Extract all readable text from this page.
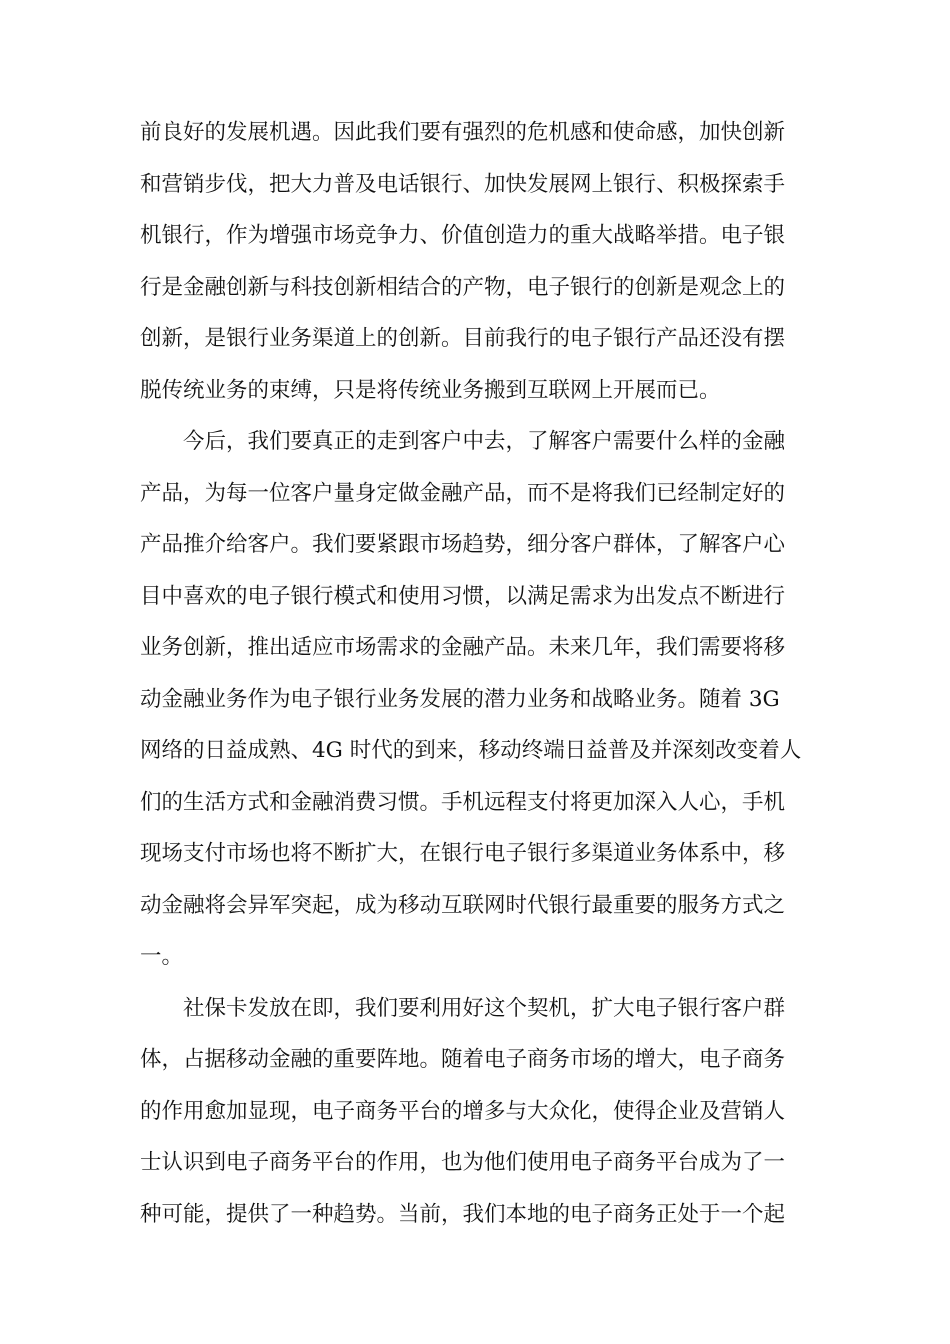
前良好的发展机遇。因此我们要有强烈的危机感和使命感，加快创新
和营销步伐，把大力普及电话银行、加快发展网上银行、积极探索手
机银行，作为增强市场竞争力、价值创造力的重大战略举措。电子银
行是金融创新与科技创新相结合的产物，电子银行的创新是观念上的
创新，是银行业务渠道上的创新。目前我行的电子银行产品还没有摆
脱传统业务的束缚，只是将传统业务搬到互联网上开展而已。
今后，我们要真正的走到客户中去，了解客户需要什么样的金融
产品，为每一位客户量身定做金融产品，而不是将我们已经制定好的
产品推介给客户。我们要紧跟市场趋势，细分客户群体，了解客户心
目中喜欢的电子银行模式和使用习惯，以满足需求为出发点不断进行
业务创新，推出适应市场需求的金融产品。未来几年，我们需要将移
动金融业务作为电子银行业务发展的潜力业务和战略业务。随着 3G
网络的日益成熟、4G 时代的到来，移动终端日益普及并深刻改变着人
们的生活方式和金融消费习惯。手机远程支付将更加深入人心，手机
现场支付市场也将不断扩大，在银行电子银行多渠道业务体系中，移
动金融将会异军突起，成为移动互联网时代银行最重要的服务方式之
一。
社保卡发放在即，我们要利用好这个契机，扩大电子银行客户群
体，占据移动金融的重要阵地。随着电子商务市场的增大，电子商务
的作用愈加显现，电子商务平台的增多与大众化，使得企业及营销人
士认识到电子商务平台的作用，也为他们使用电子商务平台成为了一
种可能，提供了一种趋势。当前，我们本地的电子商务正处于一个起
